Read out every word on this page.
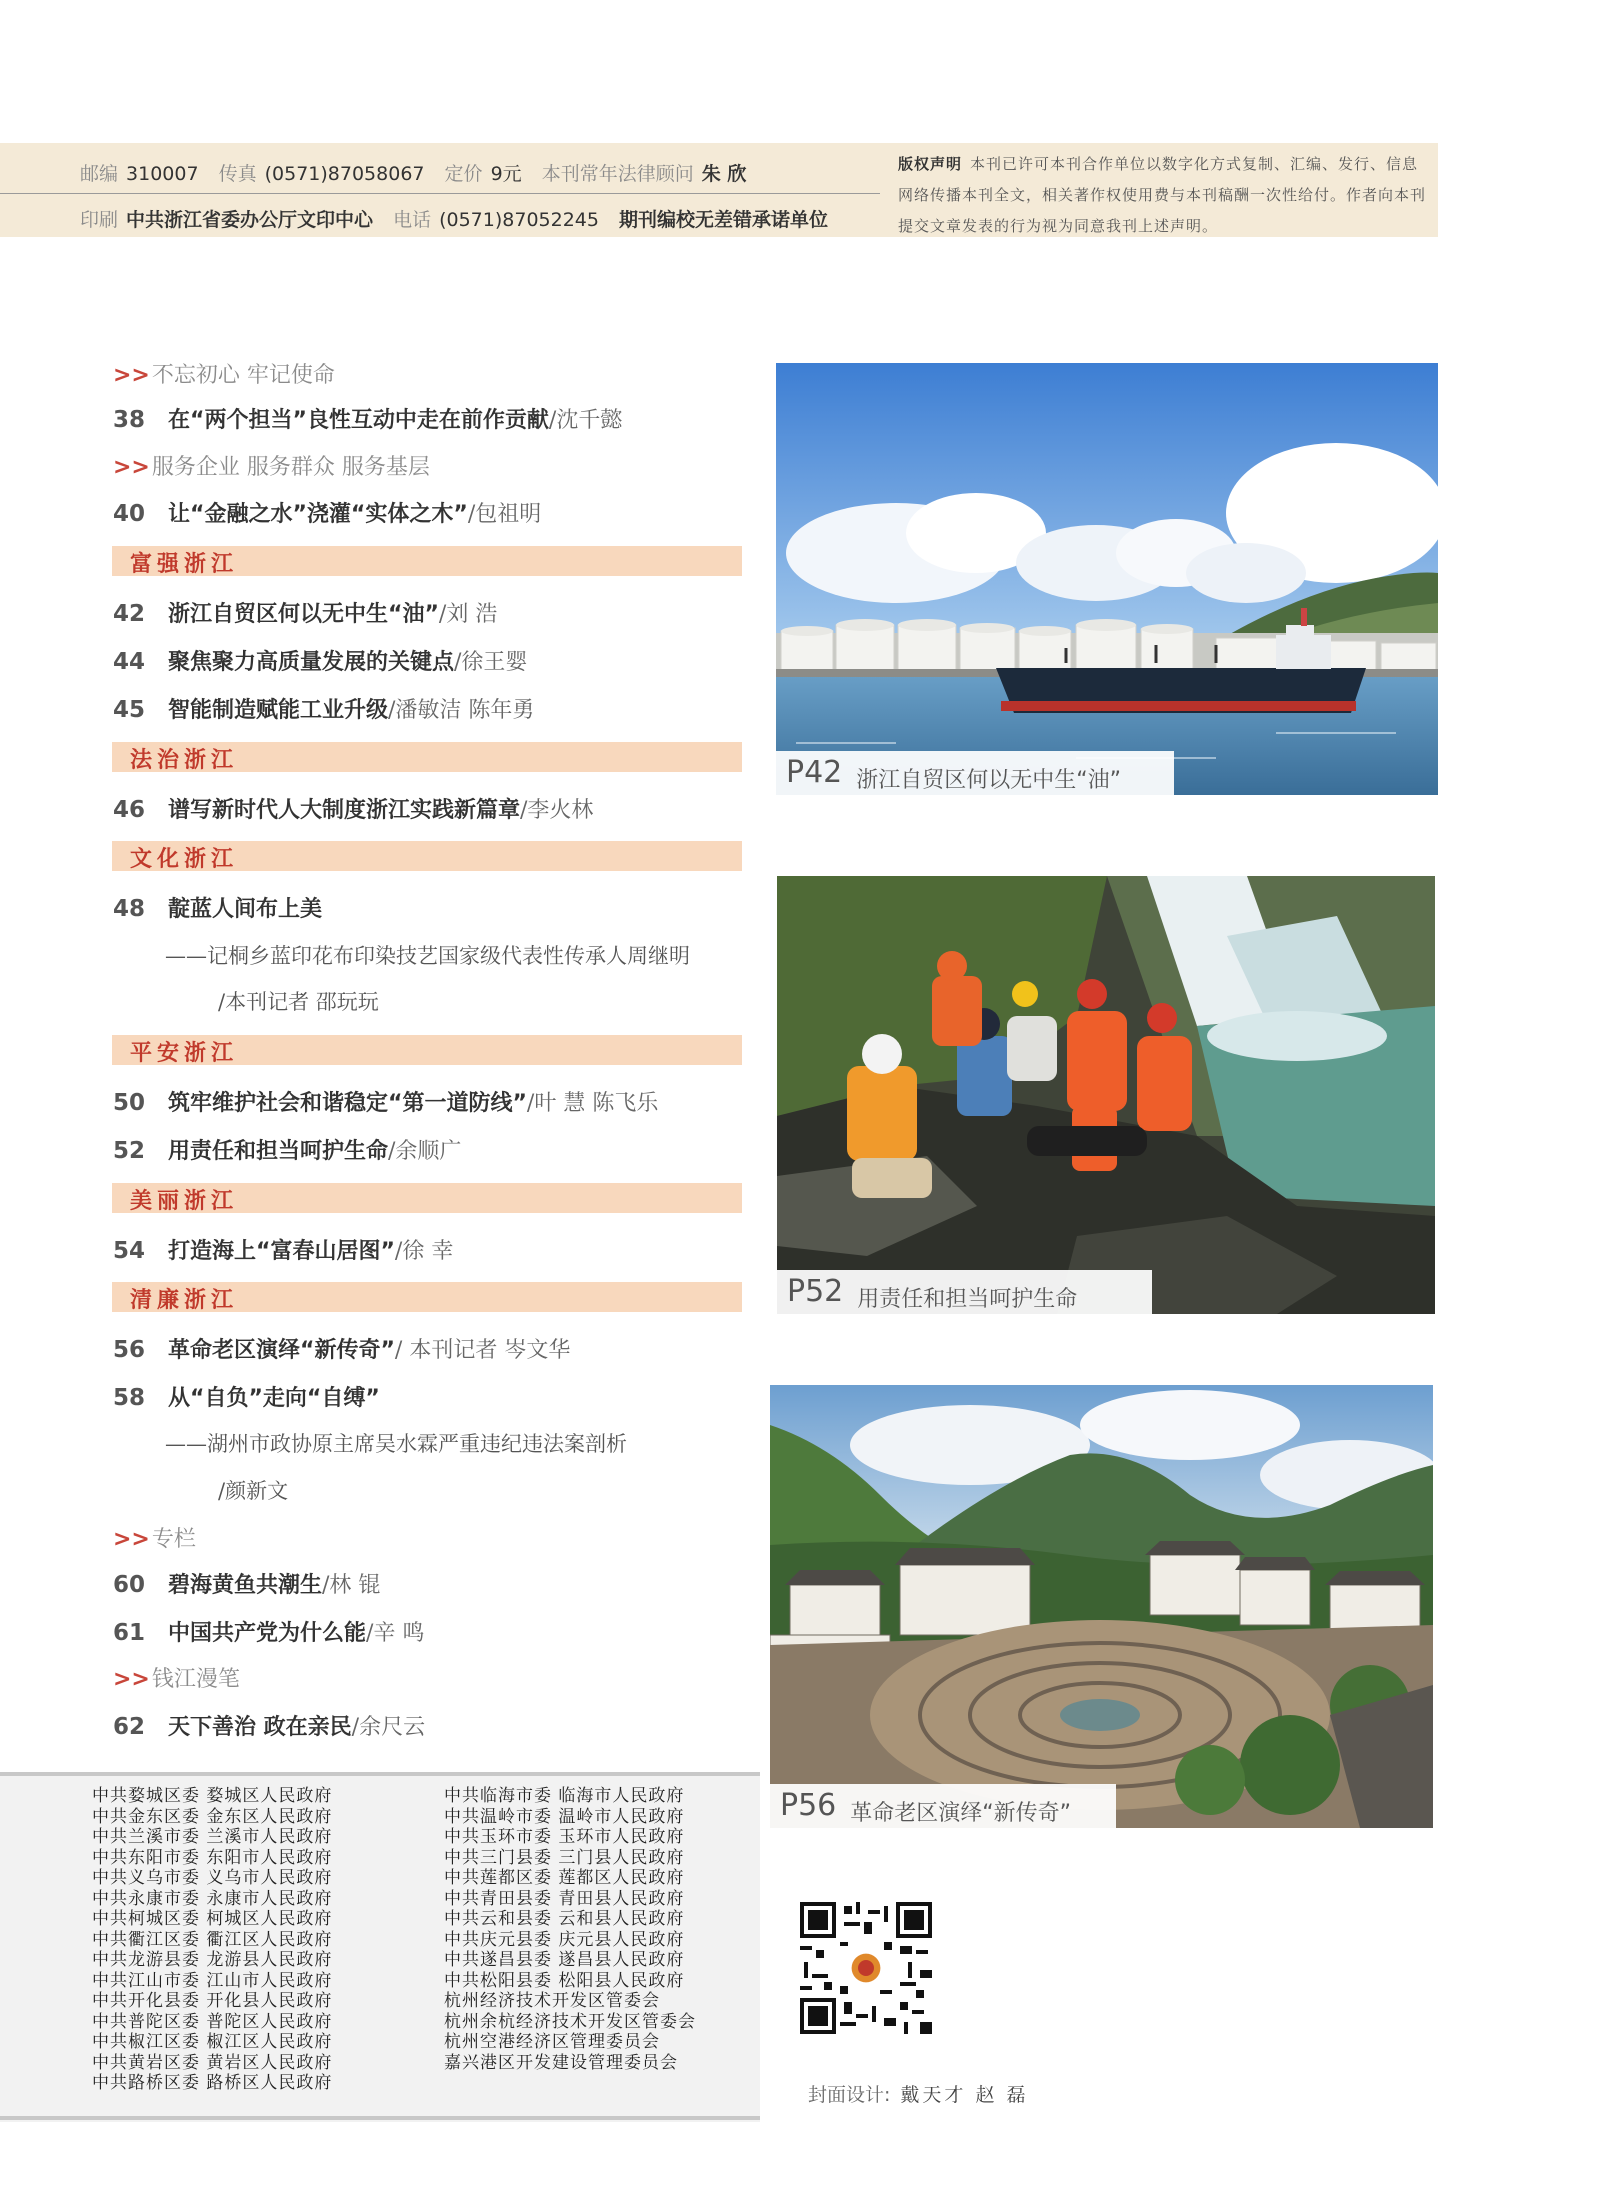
邮编 310007 传真 (0571)87058067 定价 9元 本刊常年法律顾问 朱 欣
印刷 中共浙江省委办公厅文印中心 电话 (0571)87052245 期刊编校无差错承诺单位
版权声明 本刊已许可本刊合作单位以数字化方式复制、汇编、发行、信息网络传播本刊全文，相关著作权使用费与本刊稿酬一次性给付。作者向本刊提交文章发表的行为视为同意我刊上述声明。
>>不忘初心 牢记使命
38 在“两个担当”良性互动中走在前作贡献/沈千懿
>>服务企业 服务群众 服务基层
40 让“金融之水”浇灌“实体之木”/包祖明
富强浙江
42 浙江自贸区何以无中生“油”/刘 浩
44 聚焦聚力高质量发展的关键点/徐王婴
45 智能制造赋能工业升级/潘敏洁 陈年勇
法治浙江
46 谱写新时代人大制度浙江实践新篇章/李火林
文化浙江
48 靛蓝人间布上美
——记桐乡蓝印花布印染技艺国家级代表性传承人周继明
/本刊记者 邵玩玩
平安浙江
50 筑牢维护社会和谐稳定“第一道防线”/叶 慧 陈飞乐
52 用责任和担当呵护生命/余顺广
美丽浙江
54 打造海上“富春山居图”/徐 幸
清廉浙江
56 革命老区演绎“新传奇”/ 本刊记者 岑文华
58 从“自负”走向“自缚”
——湖州市政协原主席吴水霖严重违纪违法案剖析
/颜新文
>>专栏
60 碧海黄鱼共潮生/林 锟
61 中国共产党为什么能/辛 鸣
>>钱江漫笔
62 天下善治 政在亲民/余尺云
P42 浙江自贸区何以无中生“油”
P52 用责任和担当呵护生命
P56 革命老区演绎“新传奇”
中共婺城区委 婺城区人民政府
中共金东区委 金东区人民政府
中共兰溪市委 兰溪市人民政府
中共东阳市委 东阳市人民政府
中共义乌市委 义乌市人民政府
中共永康市委 永康市人民政府
中共柯城区委 柯城区人民政府
中共衢江区委 衢江区人民政府
中共龙游县委 龙游县人民政府
中共江山市委 江山市人民政府
中共开化县委 开化县人民政府
中共普陀区委 普陀区人民政府
中共椒江区委 椒江区人民政府
中共黄岩区委 黄岩区人民政府
中共路桥区委 路桥区人民政府
中共临海市委 临海市人民政府
中共温岭市委 温岭市人民政府
中共玉环市委 玉环市人民政府
中共三门县委 三门县人民政府
中共莲都区委 莲都区人民政府
中共青田县委 青田县人民政府
中共云和县委 云和县人民政府
中共庆元县委 庆元县人民政府
中共遂昌县委 遂昌县人民政府
中共松阳县委 松阳县人民政府
杭州经济技术开发区管委会
杭州余杭经济技术开发区管委会
杭州空港经济区管理委员会
嘉兴港区开发建设管理委员会
封面设计: 戴天才 赵 磊
